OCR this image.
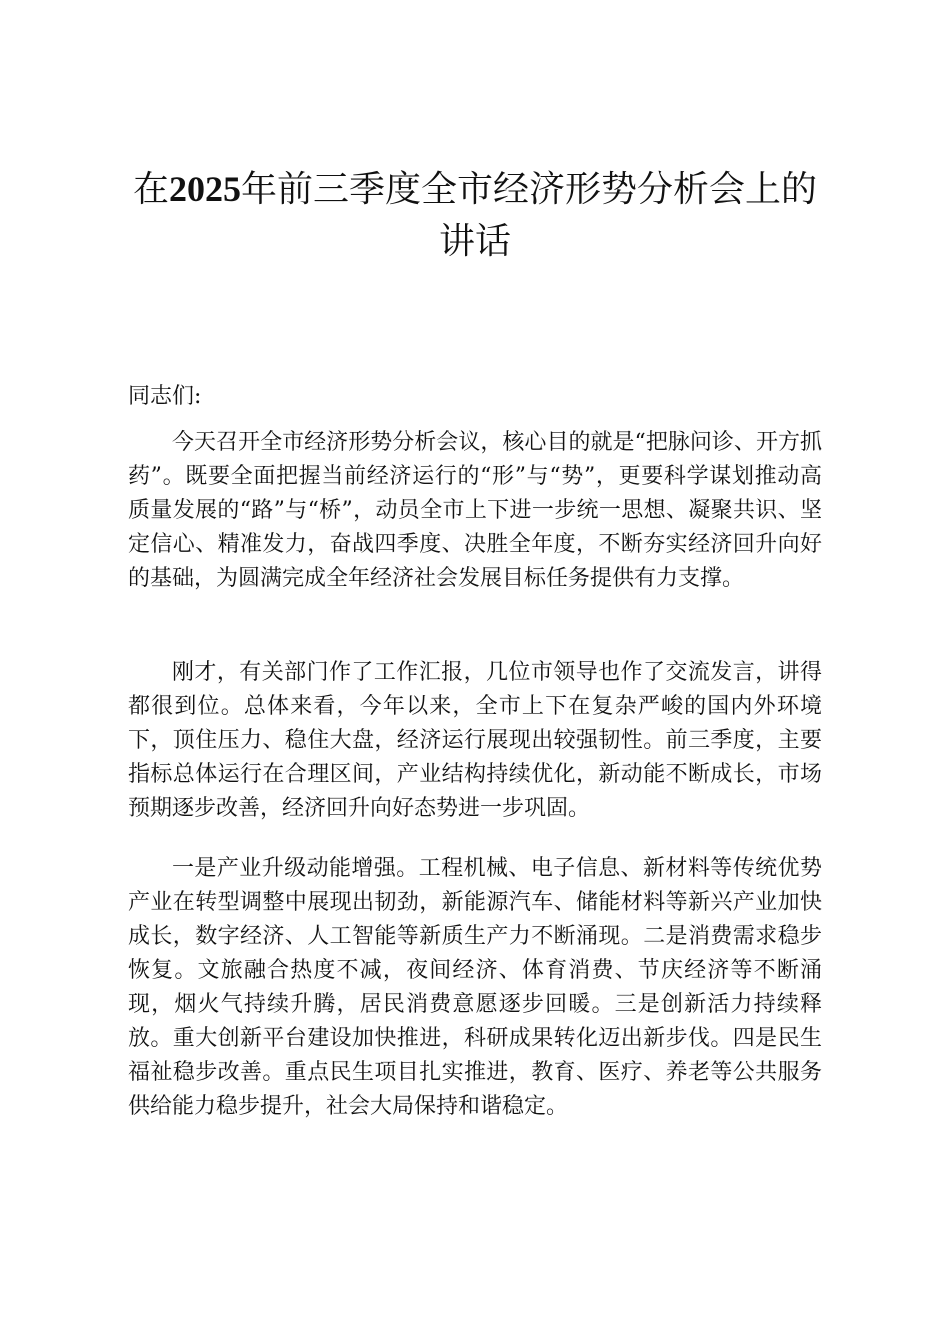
在2025年前三季度全市经济形势分析会上的讲话
同志们:

今天召开全市经济形势分析会议，核心目的就是“把脉问诊、开方抓药”。既要全面把握当前经济运行的“形”与“势”，更要科学谋划推动高质量发展的“路”与“桥”，动员全市上下进一步统一思想、凝聚共识、坚定信心、精准发力，奋战四季度、决胜全年度，不断夯实经济回升向好的基础，为圆满完成全年经济社会发展目标任务提供有力支撑。

刚才，有关部门作了工作汇报，几位市领导也作了交流发言，讲得都很到位。总体来看，今年以来，全市上下在复杂严峻的国内外环境下，顶住压力、稳住大盘，经济运行展现出较强韧性。前三季度，主要指标总体运行在合理区间，产业结构持续优化，新动能不断成长，市场预期逐步改善，经济回升向好态势进一步巩固。

一是产业升级动能增强。工程机械、电子信息、新材料等传统优势产业在转型调整中展现出韧劲，新能源汽车、储能材料等新兴产业加快成长，数字经济、人工智能等新质生产力不断涌现。二是消费需求稳步恢复。文旅融合热度不减，夜间经济、体育消费、节庆经济等不断涌现，烟火气持续升腾，居民消费意愿逐步回暖。三是创新活力持续释放。重大创新平台建设加快推进，科研成果转化迈出新步伐。四是民生福祉稳步改善。重点民生项目扎实推进，教育、医疗、养老等公共服务供给能力稳步提升，社会大局保持和谐稳定。
